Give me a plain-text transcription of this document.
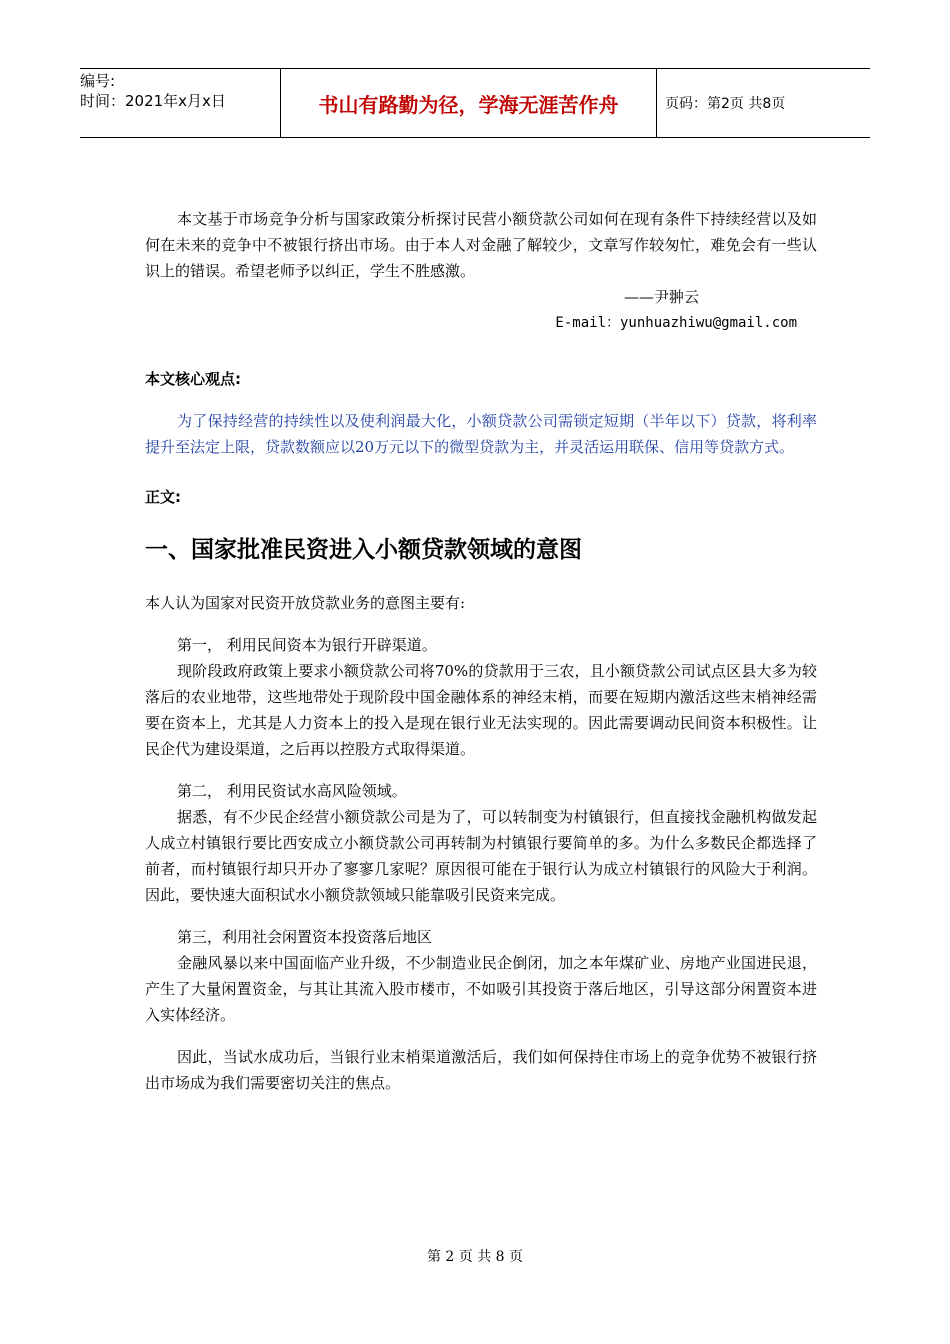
编号:
时间：2021年x月x日	书山有路勤为径，学海无涯苦作舟	页码：第2页 共8页

本文基于市场竞争分析与国家政策分析探讨民营小额贷款公司如何在现有条件下持续经营以及如何在未来的竞争中不被银行挤出市场。由于本人对金融了解较少，文章写作较匆忙，难免会有一些认识上的错误。希望老师予以纠正，学生不胜感激。

——尹翀云

E-mail：yunhuazhiwu@gmail.com

本文核心观点:

为了保持经营的持续性以及使利润最大化，小额贷款公司需锁定短期（半年以下）贷款，将利率提升至法定上限，贷款数额应以20万元以下的微型贷款为主，并灵活运用联保、信用等贷款方式。

正文:

一、国家批准民资进入小额贷款领域的意图

本人认为国家对民资开放贷款业务的意图主要有:

第一， 利用民间资本为银行开辟渠道。

现阶段政府政策上要求小额贷款公司将70%的贷款用于三农，且小额贷款公司试点区县大多为较落后的农业地带，这些地带处于现阶段中国金融体系的神经末梢，而要在短期内激活这些末梢神经需要在资本上，尤其是人力资本上的投入是现在银行业无法实现的。因此需要调动民间资本积极性。让民企代为建设渠道，之后再以控股方式取得渠道。

第二， 利用民资试水高风险领域。

据悉，有不少民企经营小额贷款公司是为了，可以转制变为村镇银行，但直接找金融机构做发起人成立村镇银行要比西安成立小额贷款公司再转制为村镇银行要简单的多。为什么多数民企都选择了前者，而村镇银行却只开办了寥寥几家呢？原因很可能在于银行认为成立村镇银行的风险大于利润。因此，要快速大面积试水小额贷款领域只能靠吸引民资来完成。

第三，利用社会闲置资本投资落后地区

金融风暴以来中国面临产业升级，不少制造业民企倒闭，加之本年煤矿业、房地产业国进民退，产生了大量闲置资金，与其让其流入股市楼市，不如吸引其投资于落后地区，引导这部分闲置资本进入实体经济。

因此，当试水成功后，当银行业末梢渠道激活后，我们如何保持住市场上的竞争优势不被银行挤出市场成为我们需要密切关注的焦点。

第 2 页 共 8 页
